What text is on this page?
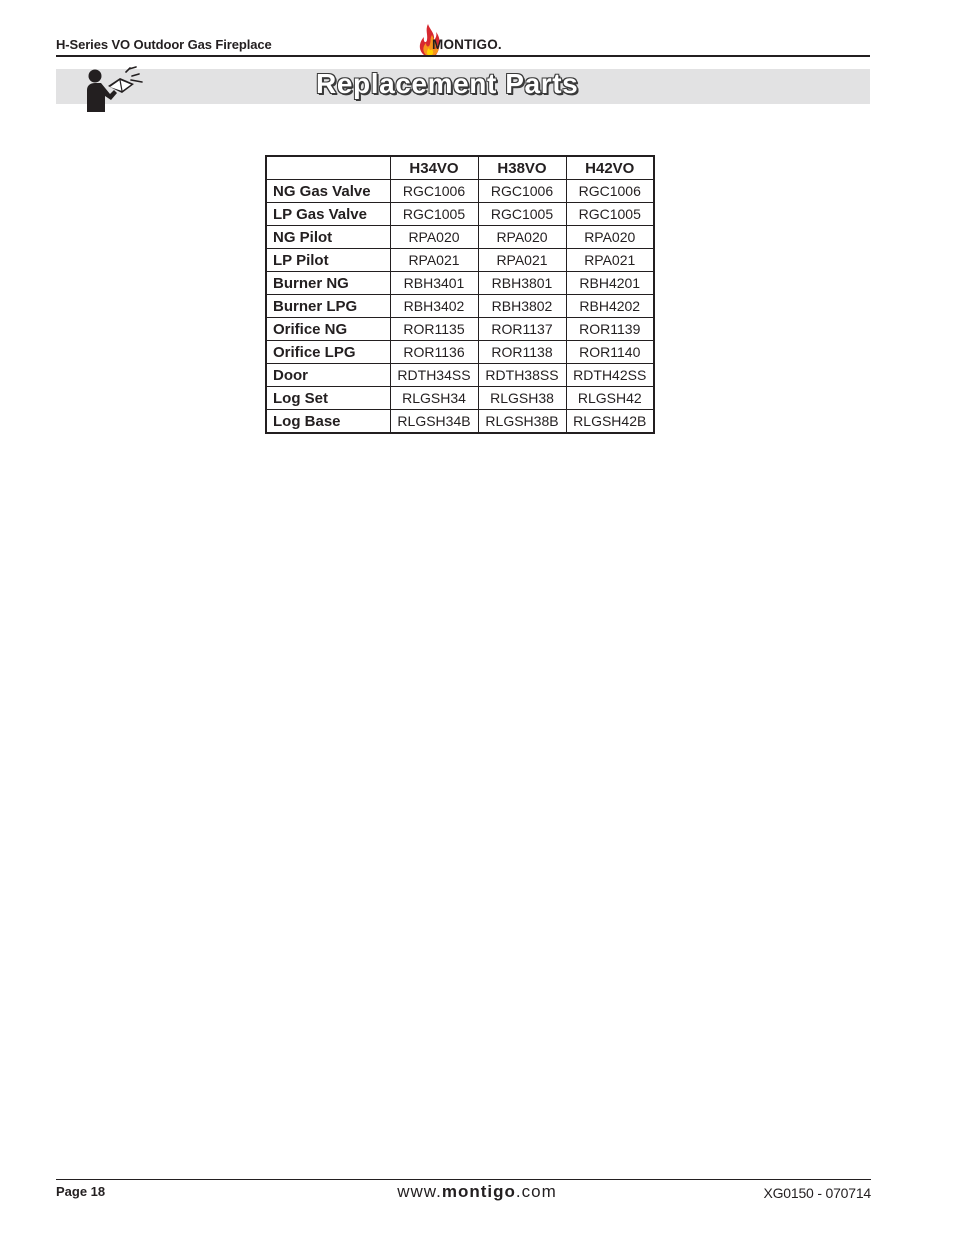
H-Series VO Outdoor Gas Fireplace	MONTIGO.
Replacement Parts
	H34VO	H38VO	H42VO
NG Gas Valve	RGC1006	RGC1006	RGC1006
LP Gas Valve	RGC1005	RGC1005	RGC1005
NG Pilot	RPA020	RPA020	RPA020
LP Pilot	RPA021	RPA021	RPA021
Burner NG	RBH3401	RBH3801	RBH4201
Burner LPG	RBH3402	RBH3802	RBH4202
Orifice NG	ROR1135	ROR1137	ROR1139
Orifice LPG	ROR1136	ROR1138	ROR1140
Door	RDTH34SS	RDTH38SS	RDTH42SS
Log Set	RLGSH34	RLGSH38	RLGSH42
Log Base	RLGSH34B	RLGSH38B	RLGSH42B
Page 18	www.montigo.com	XG0150 - 070714
